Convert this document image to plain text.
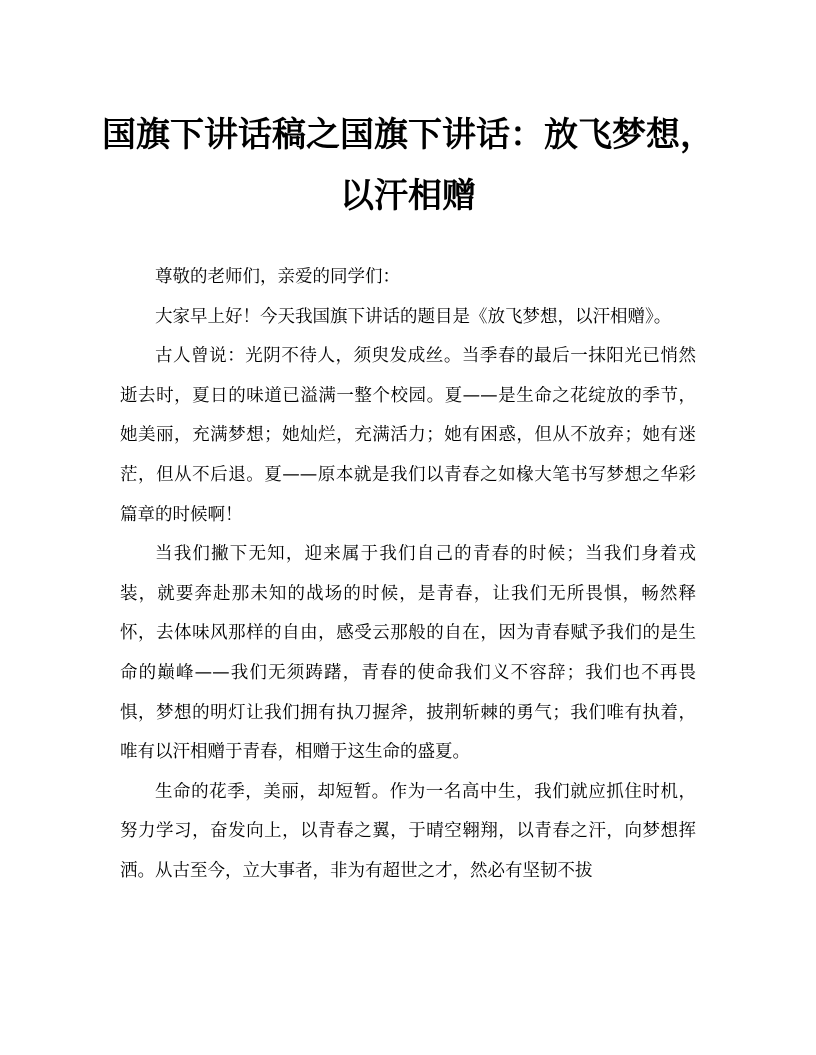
国旗下讲话稿之国旗下讲话：放飞梦想，
以汗相赠

尊敬的老师们，亲爱的同学们：

大家早上好！今天我国旗下讲话的题目是《放飞梦想，以汗相赠》。

古人曾说：光阴不待人，须臾发成丝。当季春的最后一抹阳光已悄然逝去时，夏日的味道已溢满一整个校园。夏——是生命之花绽放的季节，她美丽，充满梦想；她灿烂，充满活力；她有困惑，但从不放弃；她有迷茫，但从不后退。夏——原本就是我们以青春之如椽大笔书写梦想之华彩篇章的时候啊！

当我们撇下无知，迎来属于我们自己的青春的时候；当我们身着戎装，就要奔赴那未知的战场的时候，是青春，让我们无所畏惧，畅然释怀，去体味风那样的自由，感受云那般的自在，因为青春赋予我们的是生命的巅峰——我们无须踌躇，青春的使命我们义不容辞；我们也不再畏惧，梦想的明灯让我们拥有执刀握斧，披荆斩棘的勇气；我们唯有执着，唯有以汗相赠于青春，相赠于这生命的盛夏。

生命的花季，美丽，却短暂。作为一名高中生，我们就应抓住时机，努力学习，奋发向上，以青春之翼，于晴空翱翔，以青春之汗，向梦想挥洒。从古至今，立大事者，非为有超世之才，然必有坚韧不拔
